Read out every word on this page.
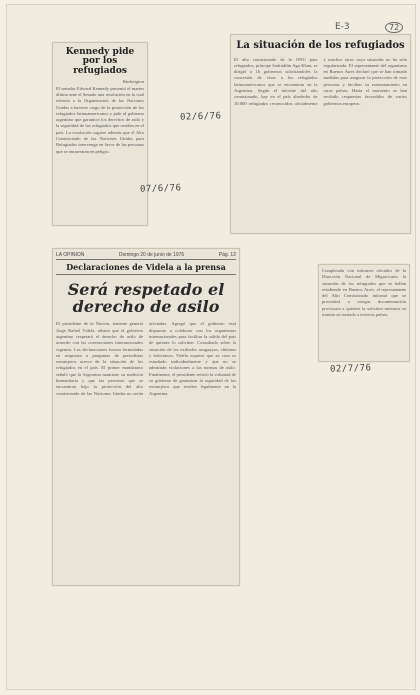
E-3	72
Kennedy pide por los refugiados
Washington
El senador Edward Kennedy presentó el martes último ante el Senado una resolución en la cual exhorta a la Organización de las Naciones Unidas a hacerse cargo de la protección de los refugiados latinoamericanos y pide al gobierno argentino que garantice los derechos de asilo y la seguridad de los refugiados que residen en el país. La resolución sugiere además que el Alto Comisionado de las Naciones Unidas para Refugiados intervenga en favor de las personas que se encuentran en peligro.
La situación de los refugiados
El alto comisionado de la ONU para refugiados, príncipe Sadruddin Aga Khan, se dirigió a 16 gobiernos solicitándoles la concesión de visas a los refugiados latinoamericanos que se encuentran en la Argentina. Según el informe del alto comisionado, hay en el país alrededor de 10.000 refugiados reconocidos oficialmente y muchos otros cuya situación no ha sido regularizada. El representante del organismo en Buenos Aires declaró que se han tomado medidas para asegurar la protección de esas personas y facilitar su reasentamiento en otros países. Hasta el momento se han recibido respuestas favorables de varios gobiernos europeos.
02/6/76
07/6/76
LA OPINION	Domingo 20 de junio de 1976	Pág. 12
Declaraciones de Videla a la prensa
Será respetado el derecho de asilo
El presidente de la Nación, teniente general Jorge Rafael Videla, afirmó que el gobierno argentino respetará el derecho de asilo de acuerdo con las convenciones internacionales vigentes. Las declaraciones fueron formuladas en respuesta a preguntas de periodistas extranjeros acerca de la situación de los refugiados en el país. El primer mandatario señaló que la Argentina mantiene su tradición humanitaria y que las personas que se encuentran bajo la protección del alto comisionado de las Naciones Unidas no serán afectadas. Agregó que el gobierno está dispuesto a colaborar con los organismos internacionales para facilitar la salida del país de quienes lo soliciten. Consultado sobre la situación de los exiliados uruguayos, chilenos y bolivianos, Videla expresó que su caso es estudiado individualmente y que no se admitirán violaciones a las normas de asilo. Finalmente, el presidente reiteró la voluntad de su gobierno de garantizar la seguridad de los extranjeros que residen legalmente en la Argentina.
Completada con informes oficiales de la Dirección Nacional de Migraciones la situación de los refugiados que se hallan residiendo en Buenos Aires, el representante del Alto Comisionado informó que se procederá a otorgar documentación provisoria a quienes la soliciten mientras se tramita su traslado a terceros países.
02/7/76
